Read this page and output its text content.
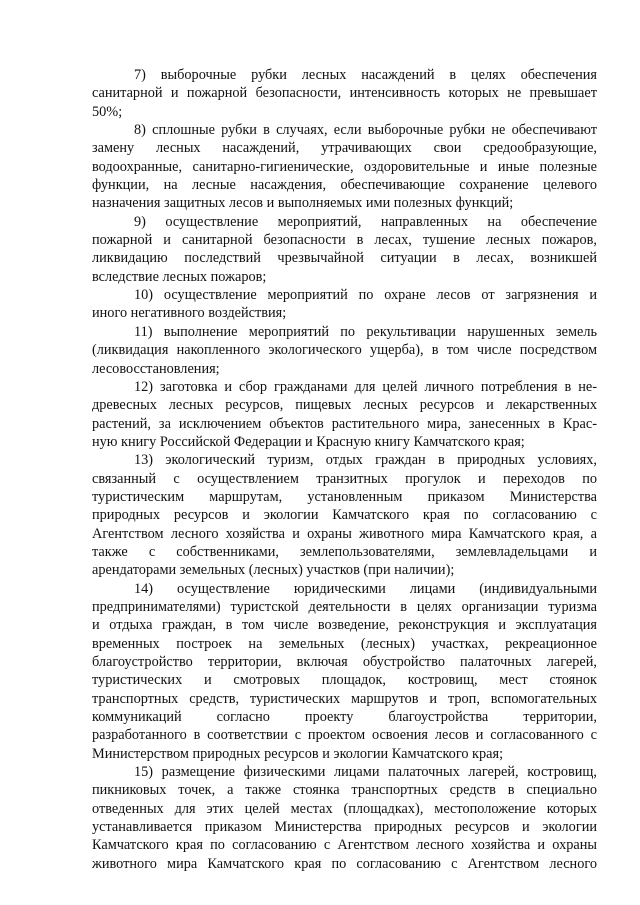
7) выборочные рубки лесных насаждений в целях обеспечения
санитарной и пожарной безопасности, интенсивность которых не превышает
50%;
8) сплошные рубки в случаях, если выборочные рубки не обеспечивают
замену лесных насаждений, утрачивающих свои средообразующие,
водоохранные, санитарно-гигиенические, оздоровительные и иные полезные
функции, на лесные насаждения, обеспечивающие сохранение целевого
назначения защитных лесов и выполняемых ими полезных функций;
9) осуществление мероприятий, направленных на обеспечение
пожарной и санитарной безопасности в лесах, тушение лесных пожаров,
ликвидацию последствий чрезвычайной ситуации в лесах, возникшей
вследствие лесных пожаров;
10) осуществление мероприятий по охране лесов от загрязнения и
иного негативного воздействия;
11) выполнение мероприятий по рекультивации нарушенных земель
(ликвидация накопленного экологического ущерба), в том числе посредством
лесовосстановления;
12) заготовка и сбор гражданами для целей личного потребления в не-
древесных лесных ресурсов, пищевых лесных ресурсов и лекарственных
растений, за исключением объектов растительного мира, занесенных в Крас-
ную книгу Российской Федерации и Красную книгу Камчатского края;
13) экологический туризм, отдых граждан в природных условиях,
связанный с осуществлением транзитных прогулок и переходов по
туристическим маршрутам, установленным приказом Министерства
природных ресурсов и экологии Камчатского края по согласованию с
Агентством лесного хозяйства и охраны животного мира Камчатского края, а
также с собственниками, землепользователями, землевладельцами и
арендаторами земельных (лесных) участков (при наличии);
14) осуществление юридическими лицами (индивидуальными
предпринимателями) туристской деятельности в целях организации туризма
и отдыха граждан, в том числе возведение, реконструкция и эксплуатация
временных построек на земельных (лесных) участках, рекреационное
благоустройство территории, включая обустройство палаточных лагерей,
туристических и смотровых площадок, кострoвищ, мест стоянок
транспортных средств, туристических маршрутов и троп, вспомогательных
коммуникаций согласно проекту благоустройства территории,
разработанного в соответствии с проектом освоения лесов и согласованного с
Министерством природных ресурсов и экологии Камчатского края;
15) размещение физическими лицами палаточных лагерей, кострoвищ,
пикниковых точек, а также стоянка транспортных средств в специально
отведенных для этих целей местах (площадках), местоположение которых
устанавливается приказом Министерства природных ресурсов и экологии
Камчатского края по согласованию с Агентством лесного хозяйства и охраны
животного мира Камчатского края по согласованию с Агентством лесного
